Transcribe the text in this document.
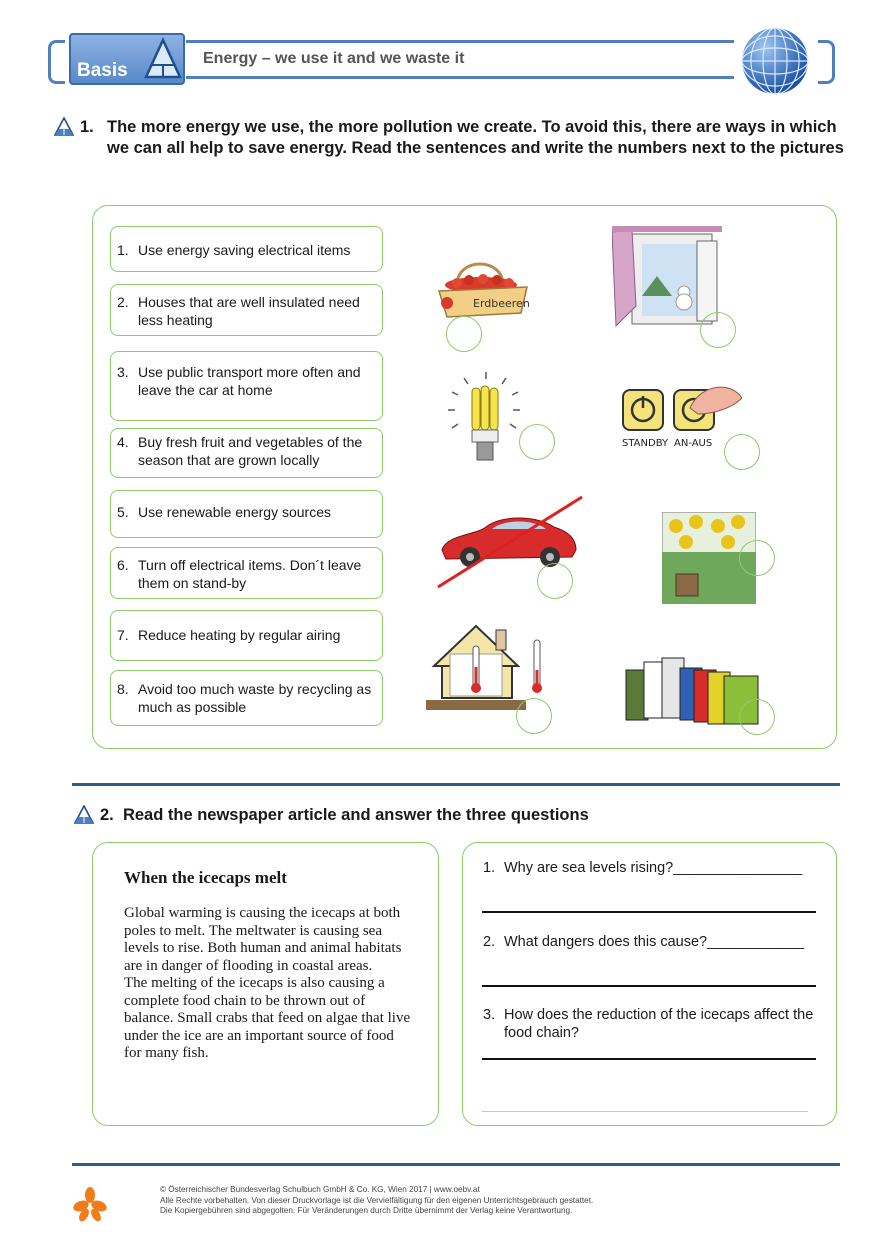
Basis
Energy – we use it and we waste it
1. The more energy we use, the more pollution we create. To avoid this, there are ways in which we can all help to save energy. Read the sentences and write the numbers next to the pictures
1. Use energy saving electrical items
2. Houses that are well insulated need less heating
3. Use public transport more often and leave the car at home
4. Buy fresh fruit and vegetables of the season that are grown locally
5. Use renewable energy sources
6. Turn off electrical items. Don´t leave them on stand-by
7. Reduce heating by regular airing
8. Avoid too much waste by recycling as much as possible
Erdbeeren
STANDBY AN-AUS
2. Read the newspaper article and answer the three questions
When the icecaps melt
Global warming is causing the icecaps at both poles to melt. The meltwater is causing sea levels to rise. Both human and animal habitats are in danger of flooding in coastal areas.
The melting of the icecaps is also causing a complete food chain to be thrown out of balance. Small crabs that feed on algae that live under the ice are an important source of food for many fish.
1. Why are sea levels rising?________________
2. What dangers does this cause?____________
3. How does the reduction of the icecaps affect the food chain?
© Österreichischer Bundesverlag Schulbuch GmbH & Co. KG, Wien 2017 | www.oebv.at
Alle Rechte vorbehalten. Von dieser Druckvorlage ist die Vervielfältigung für den eigenen Unterrichtsgebrauch gestattet.
Die Kopiergebühren sind abgegolten. Für Veränderungen durch Dritte übernimmt der Verlag keine Verantwortung.
